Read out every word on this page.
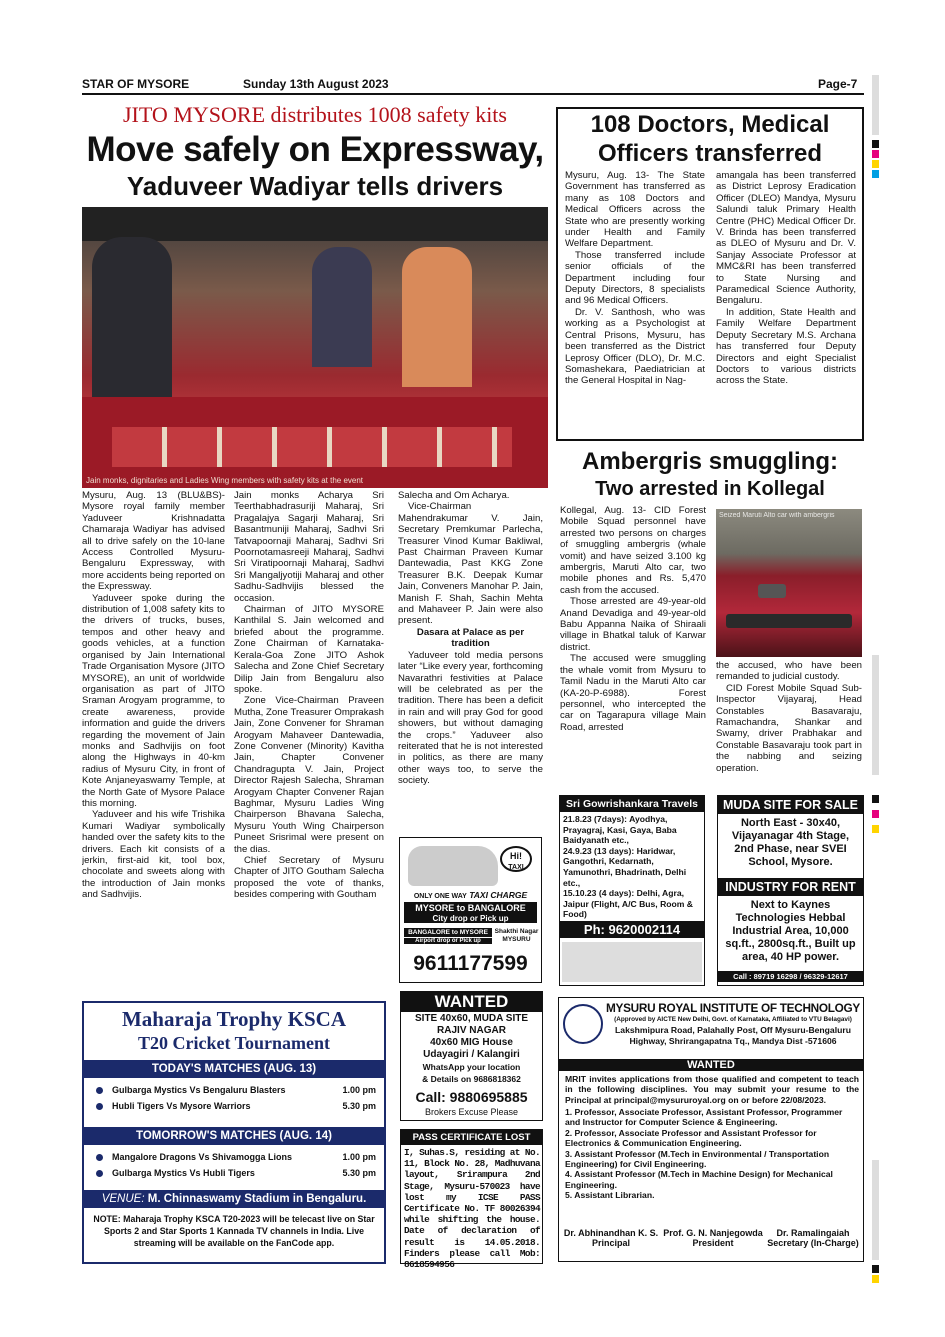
STAR OF MYSORE	Sunday 13th August 2023	Page-7
JITO MYSORE distributes 1008 safety kits
Move safely on Expressway,
Yaduveer Wadiyar tells drivers
Jain monks, dignitaries and Ladies Wing members with safety kits at the event

Mysuru, Aug. 13 (BLU&BS)- Mysore royal family member Yaduveer Krishnadatta Chamaraja Wadiyar has advised all to drive safely on the 10-lane Access Controlled Mysuru-Bengaluru Expressway, with more accidents being reported on the Expressway.

Yaduveer spoke during the distribution of 1,008 safety kits to the drivers of trucks, buses, tempos and other heavy and goods vehicles, at a function organised by Jain International Trade Organisation Mysore (JITO MYSORE), an unit of worldwide organisation as part of JITO Sraman Arogyam programme, to create awareness, provide information and guide the drivers regarding the movement of Jain monks and Sadhvijis on foot along the Highways in 40-km radius of Mysuru City, in front of Kote Anjaneyaswamy Temple, at the North Gate of Mysore Palace this morning.

Yaduveer and his wife Trishika Kumari Wadiyar symbolically handed over the safety kits to the drivers. Each kit consists of a jerkin, first-aid kit, tool box, chocolate and sweets along with the introduction of Jain monks and Sadhvijis.

Jain monks Acharya Sri Teerthabhadrasuriji Maharaj, Sri Pragalajya Sagarji Maharaj, Sri Basantmuniji Maharaj, Sadhvi Sri Tatvapoornaji Maharaj, Sadhvi Sri Poornotamasreeji Maharaj, Sadhvi Sri Viratipoornaji Maharaj, Sadhvi Sri Mangaljyotiji Maharaj and other Sadhu-Sadhvijis blessed the occasion.

Chairman of JITO MYSORE Kanthilal S. Jain welcomed and briefed about the programme. Zone Chairman of Karnataka-Kerala-Goa Zone JITO Ashok Salecha and Zone Chief Secretary Dilip Jain from Bengaluru also spoke.

Zone Vice-Chairman Praveen Mutha, Zone Treasurer Omprakash Jain, Zone Convener for Shraman Arogyam Mahaveer Dantewadia, Zone Convener (Minority) Kavitha Jain, Chapter Convener Chandragupta V. Jain, Project Director Rajesh Salecha, Shraman Arogyam Chapter Convener Rajan Baghmar, Mysuru Ladies Wing Chairperson Bhavana Salecha, Mysuru Youth Wing Chairperson Puneet Srisrimal were present on the dias.

Chief Secretary of Mysuru Chapter of JITO Goutham Salecha proposed the vote of thanks, besides compering with Goutham

Salecha and Om Acharya.

Vice-Chairman Mahendrakumar V. Jain, Secretary Premkumar Parlecha, Treasurer Vinod Kumar Bakliwal, Past Chairman Praveen Kumar Dantewadia, Past KKG Zone Treasurer B.K. Deepak Kumar Jain, Conveners Manohar P. Jain, Manish F. Shah, Sachin Mehta and Mahaveer P. Jain were also present.

Dasara at Palace as per tradition

Yaduveer told media persons later “Like every year, forthcoming Navarathri festivities at Palace will be celebrated as per the tradition. There has been a deficit in rain and will pray God for good showers, but without damaging the crops.” Yaduveer also reiterated that he is not interested in politics, as there are many other ways too, to serve the society.

Hi!
TAXI
ONLY ONE WAY TAXI CHARGE
MYSORE to BANGALORE
City drop or Pick up
BANGALORE to MYSORE
Airport drop or Pick up
Shakthi Nagar MYSURU
9611177599
108 Doctors, Medical
Officers transferred

Mysuru, Aug. 13- The State Government has transferred as many as 108 Doctors and Medical Officers across the State who are presently working under Health and Family Welfare Department.

Those transferred include senior officials of the Department including four Deputy Directors, 8 specialists and 96 Medical Officers.

Dr. V. Santhosh, who was working as a Psychologist at Central Prisons, Mysuru, has been transferred as the District Leprosy Officer (DLO), Dr. M.C. Somashekara, Paediatrician at the General Hospital in Nag-

amangala has been transferred as District Leprosy Eradication Officer (DLEO) Mandya, Mysuru Salundi taluk Primary Health Centre (PHC) Medical Officer Dr. V. Brinda has been transferred as DLEO of Mysuru and Dr. V. Sanjay Associate Professor at MMC&RI has been transferred to State Nursing and Paramedical Science Authority, Bengaluru.

In addition, State Health and Family Welfare Department Deputy Secretary M.S. Archana has transferred four Deputy Directors and eight Specialist Doctors to various districts across the State.

Ambergris smuggling:
Two arrested in Kollegal

Kollegal, Aug. 13- CID Forest Mobile Squad personnel have arrested two persons on charges of smuggling ambergris (whale vomit) and have seized 3.100 kg ambergris, Maruti Alto car, two mobile phones and Rs. 5,470 cash from the accused.

Those arrested are 49-year-old Anand Devadiga and 49-year-old Babu Appanna Naika of Shiraali village in Bhatkal taluk of Karwar district.

The accused were smuggling the whale vomit from Mysuru to Tamil Nadu in the Maruti Alto car (KA-20-P-6988). Forest personnel, who intercepted the car on Tagarapura village Main Road, arrested

Seized Maruti Alto car with ambergris

the accused, who have been remanded to judicial custody.

CID Forest Mobile Squad Sub-Inspector Vijayaraj, Head Constables Basavaraju, Ramachandra, Shankar and Swamy, driver Prabhakar and Constable Basavaraju took part in the nabbing and seizing operation.

Sri Gowrishankara Travels
21.8.23 (7days): Ayodhya, Prayagraj, Kasi, Gaya, Baba Baidyanath etc.,
24.9.23 (13 days): Haridwar, Gangothri, Kedarnath, Yamunothri, Bhadrinath, Delhi etc.,
15.10.23 (4 days): Delhi, Agra, Jaipur (Flight, A/C Bus, Room & Food)
Ph: 9620002114
MUDA SITE FOR SALE
North East - 30x40, Vijayanagar 4th Stage, 2nd Phase, near SVEI School, Mysore.
INDUSTRY FOR RENT
Next to Kaynes Technologies Hebbal Industrial Area, 10,000 sq.ft., 2800sq.ft., Built up area, 40 HP power.
Call : 89719 16298 / 96329-12617
WANTED
SITE 40x60, MUDA SITE
RAJIV NAGAR
40x60 MIG House
Udayagiri / Kalangiri
WhatsApp your location
& Details on 9686818362
Call: 9880695885
Brokers Excuse Please
PASS CERTIFICATE LOST
I, Suhas.S, residing at No. 11, Block No. 28, Madhuvana layout, Srirampura 2nd Stage, Mysuru-570023 have lost my ICSE PASS Certificate No. TF 80026394 while shifting the house. Date of declaration of result is 14.05.2018. Finders please call Mob: 8618594956
MYSURU ROYAL INSTITUTE OF TECHNOLOGY
(Approved by AICTE New Delhi, Govt. of Karnataka, Affiliated to VTU Belagavi)
Lakshmipura Road, Palahally Post, Off Mysuru-Bengaluru
Highway, Shrirangapatna Tq., Mandya Dist -571606
WANTED
MRIT invites applications from those qualified and competent to teach in the following disciplines. You may submit your resume to the Principal at principal@mysururoyal.org on or before 22/08/2023.
1. Professor, Associate Professor, Assistant Professor, Programmer and Instructor for Computer Science & Engineering.
2. Professor, Associate Professor and Assistant Professor for Electronics & Communication Engineering.
3. Assistant Professor (M.Tech in Environmental / Transportation Engineering) for Civil Engineering.
4. Assistant Professor (M.Tech in Machine Design) for Mechanical Engineering.
5. Assistant Librarian.
Dr. Abhinandhan K. S.
Principal
Prof. G. N. Nanjegowda
President
Dr. Ramalingaiah
Secretary (In-Charge)
Maharaja Trophy KSCA
T20 Cricket Tournament
TODAY'S MATCHES (AUG. 13)
Gulbarga Mystics Vs Bengaluru Blasters	1.00 pm
Hubli Tigers Vs Mysore Warriors	5.30 pm
TOMORROW'S MATCHES (AUG. 14)
Mangalore Dragons Vs Shivamogga Lions	1.00 pm
Gulbarga Mystics Vs Hubli Tigers	5.30 pm
VENUE: M. Chinnaswamy Stadium in Bengaluru.
NOTE: Maharaja Trophy KSCA T20-2023 will be telecast live on Star Sports 2 and Star Sports 1 Kannada TV channels in India. Live streaming will be available on the FanCode app.
